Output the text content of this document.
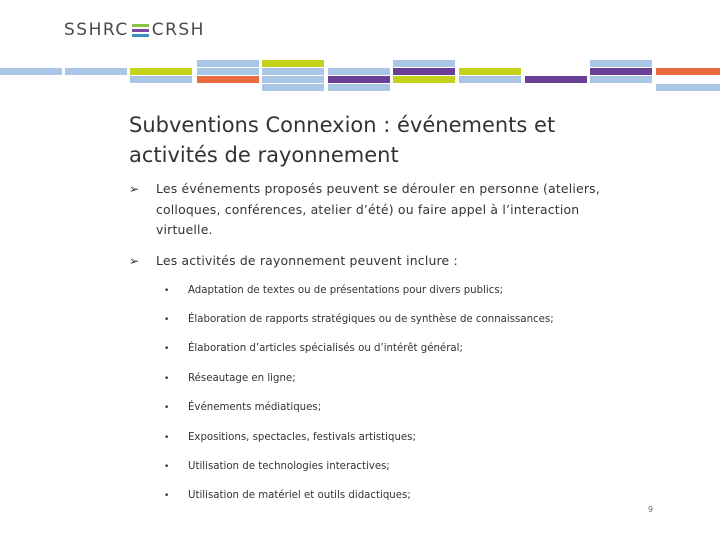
SSHRC CRSH
Subventions Connexion : événements et
activités de rayonnement
➢	Les événements proposés peuvent se dérouler en personne (ateliers,
colloques, conférences, atelier d’été) ou faire appel à l’interaction
virtuelle.
➢	Les activités de rayonnement peuvent inclure :
• Adaptation de textes ou de présentations pour divers publics;
• Élaboration de rapports stratégiques ou de synthèse de connaissances;
• Élaboration d’articles spécialisés ou d’intérêt général;
• Réseautage en ligne;
• Événements médiatiques;
• Expositions, spectacles, festivals artistiques;
• Utilisation de technologies interactives;
• Utilisation de matériel et outils didactiques;
9
